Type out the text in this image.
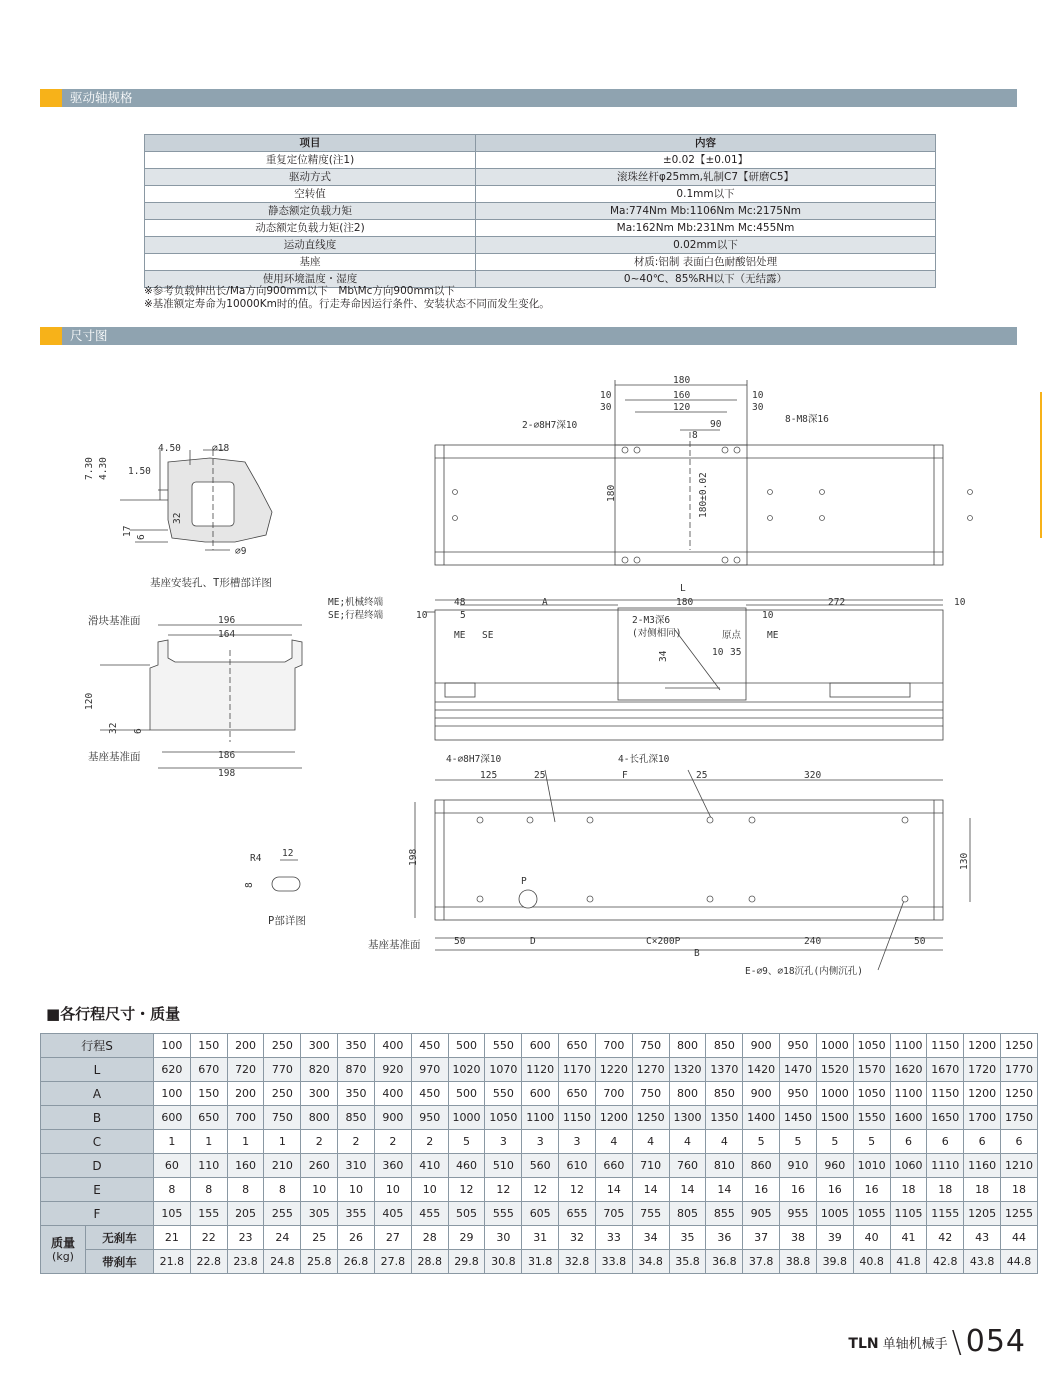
驱动轴规格
项目	内容
重复定位精度(注1)	±0.02【±0.01】
驱动方式	滚珠丝杆φ25mm,轧制C7【研磨C5】
空转值	0.1mm以下
静态额定负载力矩	Ma:774Nm Mb:1106Nm Mc:2175Nm
动态额定负载力矩(注2)	Ma:162Nm Mb:231Nm Mc:455Nm
运动直线度	0.02mm以下
基座	材质:铝制 表面白色耐酸铝处理
使用环境温度・湿度	0~40℃、85%RH以下（无结露）
※参考负载伸出长/Ma方向900mm以下　Mb\Mc方向900mm以下
※基准额定寿命为10000Km时的值。行走寿命因运行条件、安装状态不同而发生变化。
尺寸图
4.50	∅18
7.30 4.30 1.50
32
17
6
∅9
基座安装孔、T形槽部详图
滑块基准面	196
164
120
32 6
基座基准面	186
198
R4 12
8
P部详图
ME;机械终端
SE;行程终端
180
10	160	10
30	120	30
90
8
180	180±0.02
2-∅8H7深10
8-M8深16
L
10
48
5
A	180
10
272	10
34	10 35
ME SE	原点	ME
2-M3深6
(对侧相同)
125	25	F	25	320
198	130
50	D	C×200P	240	50
B
4-∅8H7深10	4-长孔深10
E-∅9、∅18沉孔(内侧沉孔)
P
基座基准面
■各行程尺寸・质量
行程S		100	150	200	250	300	350	400	450	500	550	600	650	700	750	800	850	900	950	1000	1050	1100	1150	1200	1250
L		620	670	720	770	820	870	920	970	1020	1070	1120	1170	1220	1270	1320	1370	1420	1470	1520	1570	1620	1670	1720	1770
A		100	150	200	250	300	350	400	450	500	550	600	650	700	750	800	850	900	950	1000	1050	1100	1150	1200	1250
B		600	650	700	750	800	850	900	950	1000	1050	1100	1150	1200	1250	1300	1350	1400	1450	1500	1550	1600	1650	1700	1750
C		1	1	1	1	2	2	2	2	5	3	3	3	4	4	4	4	5	5	5	5	6	6	6	6
D		60	110	160	210	260	310	360	410	460	510	560	610	660	710	760	810	860	910	960	1010	1060	1110	1160	1210
E		8	8	8	8	10	10	10	10	12	12	12	12	14	14	14	14	16	16	16	16	18	18	18	18
F		105	155	205	255	305	355	405	455	505	555	605	655	705	755	805	855	905	955	1005	1055	1105	1155	1205	1255

质量
(kg)	无刹车	21	22	23	24	25	26	27	28	29	30	31	32	33	34	35	36	37	38	39	40	41	42	43	44
	带刹车	21.8	22.8	23.8	24.8	25.8	26.8	27.8	28.8	29.8	30.8	31.8	32.8	33.8	34.8	35.8	36.8	37.8	38.8	39.8	40.8	41.8	42.8	43.8	44.8
TLN 单轴机械手 \ 054
